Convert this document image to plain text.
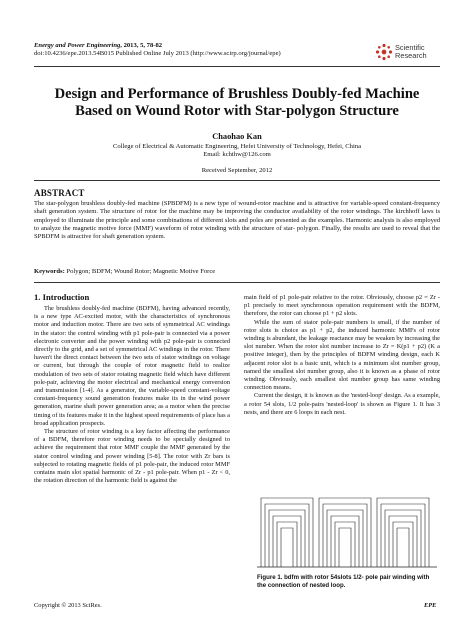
Energy and Power Engineering, 2013, 5, 78-82
doi:10.4236/epe.2013.54B015 Published Online July 2013 (http://www.scirp.org/journal/epe)
Scientific
Research
Design and Performance of Brushless Doubly-fed Machine
Based on Wound Rotor with Star-polygon Structure
Chaohao Kan
College of Electrical & Automatic Engineering, Hefei University of Technology, Hefei, China
Email: kchthw@126.com
Received September, 2012
ABSTRACT
The star-polygon brushless doubly-fed machine (SPBDFM) is a new type of wound-rotor machine and is attractive for variable-speed constant-frequency shaft generation system. The structure of rotor for the machine may be improving the conductor availability of the rotor windings. The kirchhoff laws is employed to illuminate the principle and some combinations of different slots and poles are presented as the examples. Harmonic analysis is also employed to analyze the magnetic motive force (MMF) waveform of rotor winding with the structure of star- polygon. Finally, the results are used to reveal that the SPBDFM is attractive for shaft generation system.
Keywords: Polygon; BDFM; Wound Rotor; Magnetic Motive Force
1. Introduction

The brushless doubly-fed machine (BDFM), having advanced recently, is a new type AC-excited motor, with the characteristics of synchronous motor and induction motor. There are two sets of symmetrical AC windings in the stator: the control winding with p1 pole-pair is connected via a power electronic converter and the power winding with p2 pole-pair is connected directly to the grid, and a set of symmetrical AC windings in the rotor. There haven't the direct contact between the two sets of stator windings on voltage or current, but through the couple of rotor magnetic field to realize modulation of two sets of stator rotating magnetic field which have different pole-pair, achieving the motor electrical and mechanical energy conversion and transmission [1-4]. As a generator, the variable-speed constant-voltage constant-frequency sound generation features make its in the wind power generation, marine shaft power generation area; as a motor when the precise timing of its features make it in the highest speed requirements of place has a broad application prospects.

The structure of rotor winding is a key factor affecting the performance of a BDFM, therefore rotor winding needs to be specially designed to achieve the requirement that rotor MMF couple the MMF generated by the stator control winding and power winding [5-8]. The rotor with Zr bars is subjected to rotating magnetic fields of p1 pole-pair, the induced rotor MMF contains main slot spatial harmonic of Zr - p1 pole-pair. When p1 - Zr < 0, the rotation direction of the harmonic field is against the

main field of p1 pole-pair relative to the rotor. Obviously, choose p2 = Zr - p1 precisely to meet synchronous operation requirement with the BDFM, therefore, the rotor can choose p1 + p2 slots.

While the sum of stator pole-pair numbers is small, if the number of rotor slots is choice as p1 + p2, the induced harmonic MMFs of rotor winding is abundant, the leakage reactance may be weaken by increasing the slot number. When the rotor slot number increase to Zr = K(p1 + p2) (K a positive integer), then by the principles of BDFM winding design, each K adjacent rotor slot is a basic unit, which is a minimum slot number group, named the smallest slot number group, also it is known as a phase of rotor winding. Obviously, each smallest slot number group has same winding connection means.

Current the design, it is known as the 'nested-loop' design. As a example, a rotor 54 slots, 1/2 pole-pairs 'nested-loop' is shown as Figure 1. It has 3 nests, and there are 6 loops in each nest.

Figure 1. bdfm with rotor 54slots 1/2- pole pair winding with the connection of nested loop.
Copyright © 2013 SciRes.	EPE
